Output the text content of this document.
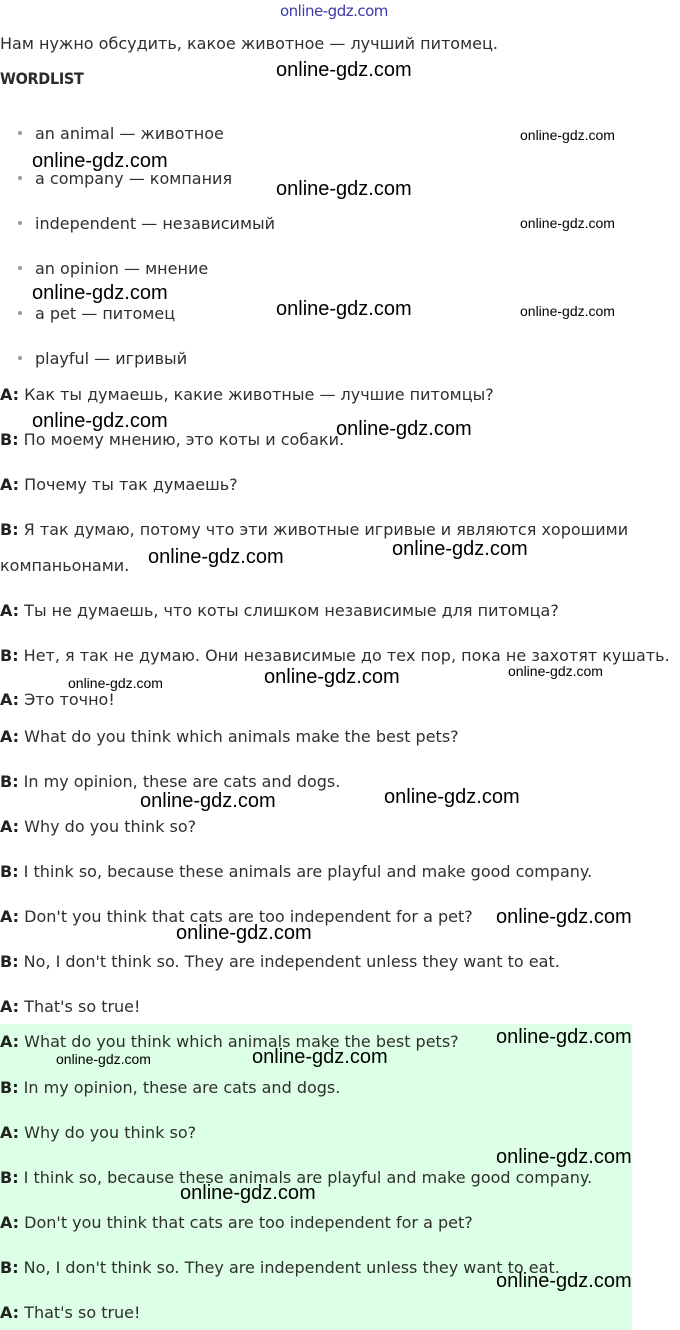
online-gdz.com
Нам нужно обсудить, какое животное — лучший питомец.
WORDLIST
an animal — животное
a company — компания
independent — независимый
an opinion — мнение
a pet — питомец
playful — игривый
A: Как ты думаешь, какие животные — лучшие питомцы?
B: По моему мнению, это коты и собаки.
A: Почему ты так думаешь?
B: Я так думаю, потому что эти животные игривые и являются хорошими
компаньонами.
A: Ты не думаешь, что коты слишком независимые для питомца?
B: Нет, я так не думаю. Они независимые до тех пор, пока не захотят кушать.
A: Это точно!
A: What do you think which animals make the best pets?
B: In my opinion, these are cats and dogs.
A: Why do you think so?
B: I think so, because these animals are playful and make good company.
A: Don't you think that cats are too independent for a pet?
B: No, I don't think so. They are independent unless they want to eat.
A: That's so true!
A: What do you think which animals make the best pets?
B: In my opinion, these are cats and dogs.
A: Why do you think so?
B: I think so, because these animals are playful and make good company.
A: Don't you think that cats are too independent for a pet?
B: No, I don't think so. They are independent unless they want to eat.
A: That's so true!
online-gdz.com
online-gdz.com
online-gdz.com
online-gdz.com
online-gdz.com
online-gdz.com
online-gdz.com	online-gdz.com
online-gdz.com	online-gdz.com
online-gdz.com
online-gdz.com
online-gdz.com
online-gdz.com
online-gdz.com
online-gdz.com
online-gdz.com
online-gdz.com
online-gdz.com
online-gdz.com
online-gdz.com
online-gdz.com
online-gdz.com
online-gdz.com
online-gdz.com
